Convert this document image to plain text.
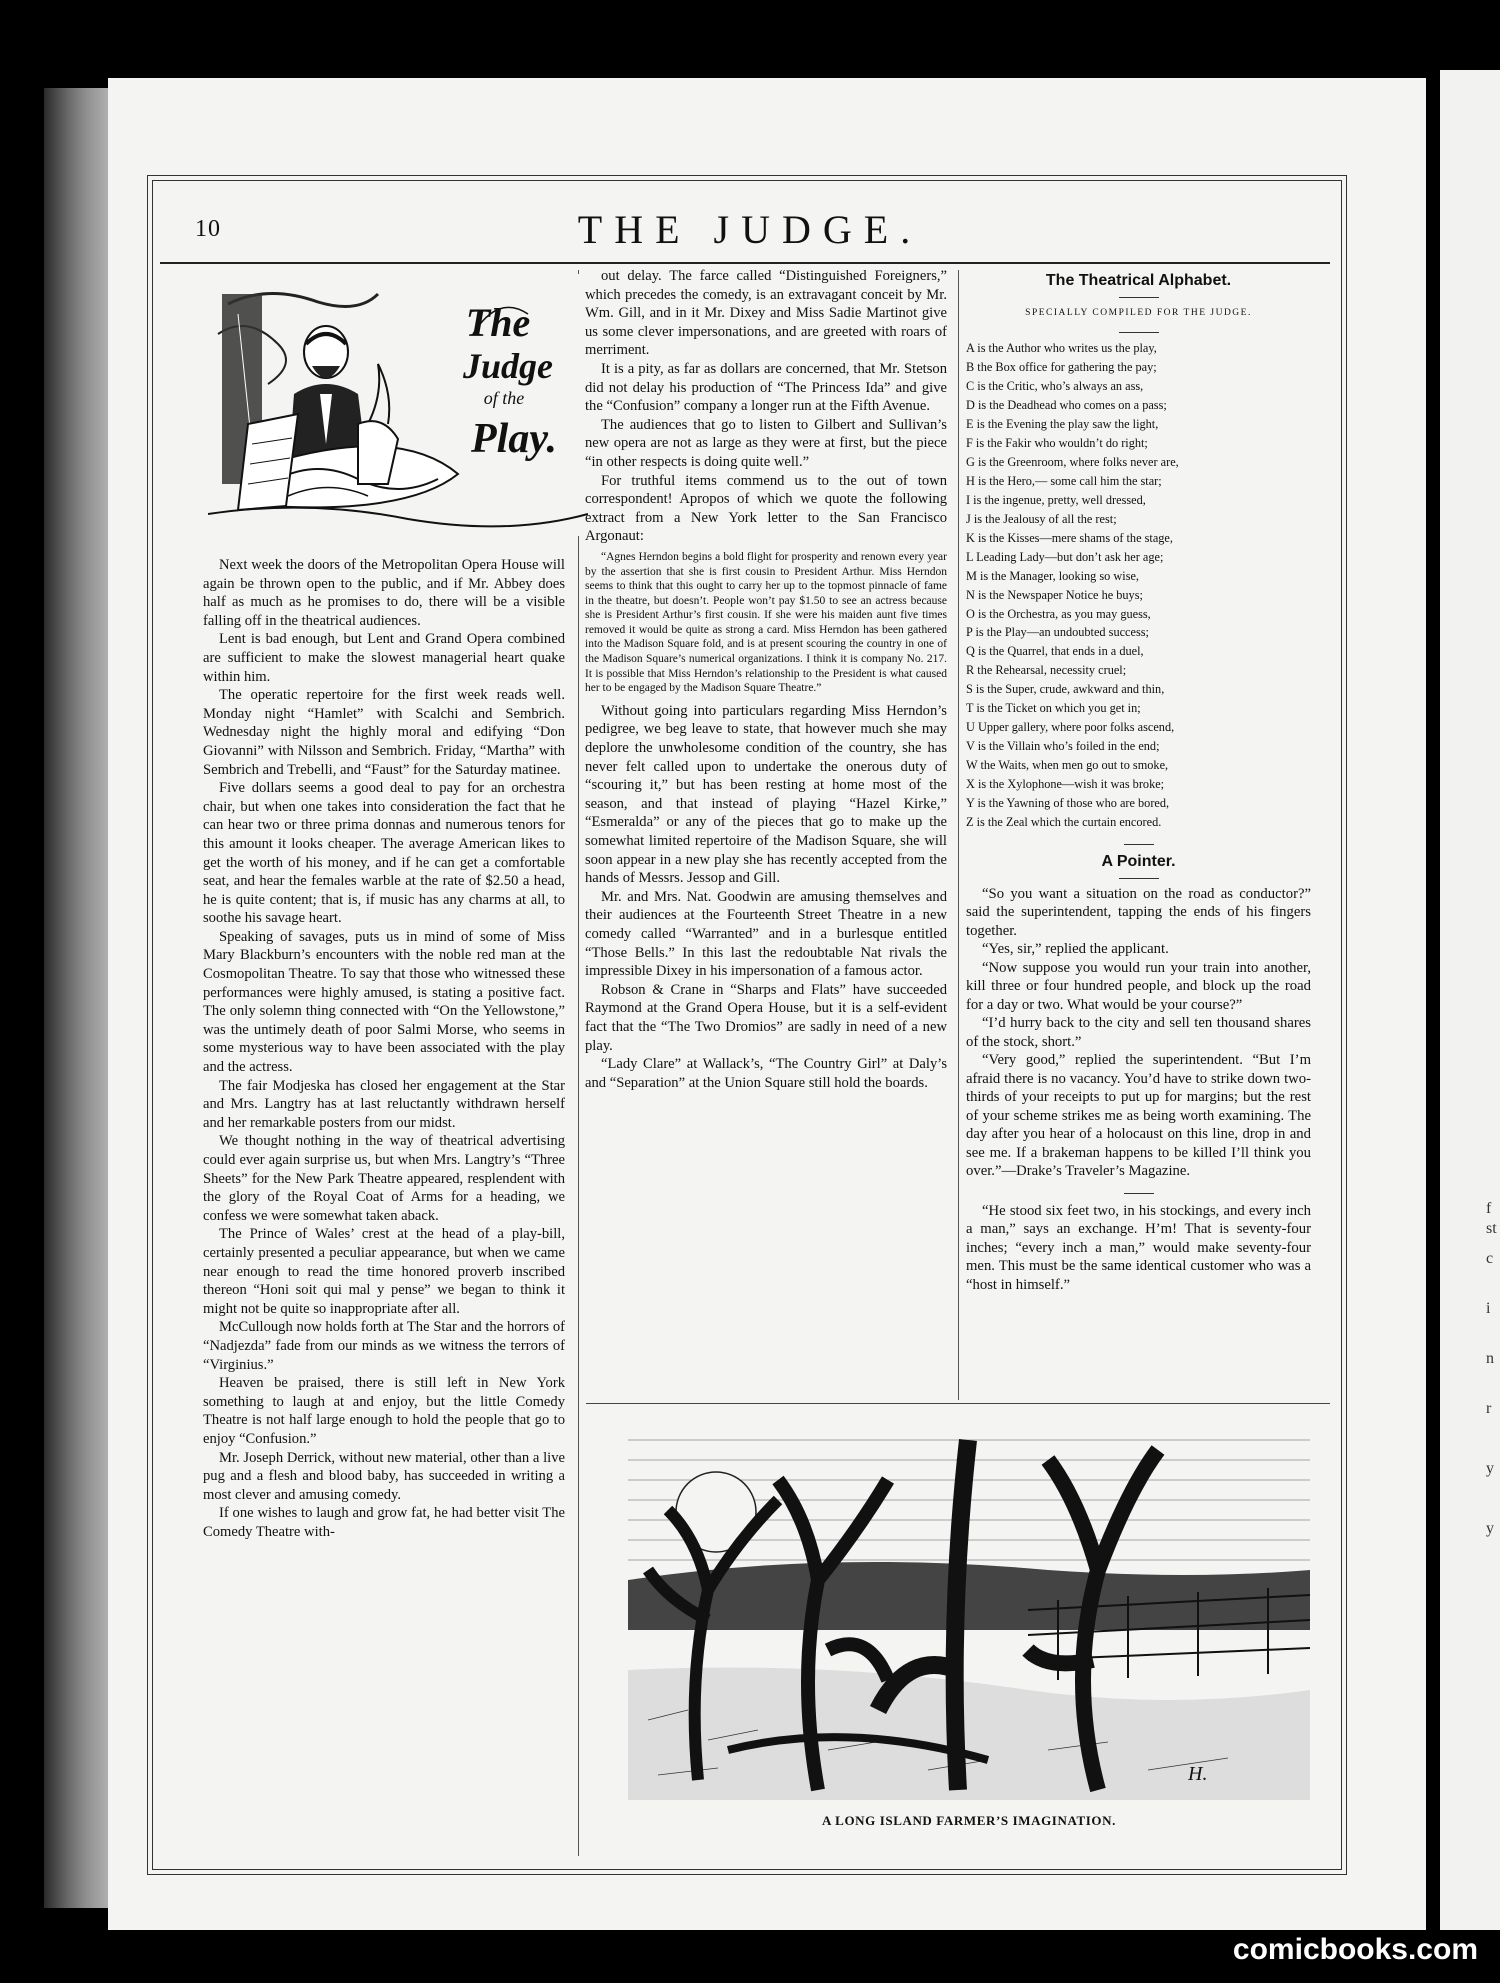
10	THE JUDGE.
The
Judge
of the
Play.

Next week the doors of the Metropolitan Opera House will again be thrown open to the public, and if Mr. Abbey does half as much as he promises to do, there will be a visible falling off in the theatrical audiences.

Lent is bad enough, but Lent and Grand Opera combined are sufficient to make the slowest managerial heart quake within him.

The operatic repertoire for the first week reads well. Monday night “Hamlet” with Scalchi and Sembrich. Wednesday night the highly moral and edifying “Don Giovanni” with Nilsson and Sembrich. Friday, “Martha” with Sembrich and Trebelli, and “Faust” for the Saturday matinee.

Five dollars seems a good deal to pay for an orchestra chair, but when one takes into consideration the fact that he can hear two or three prima donnas and numerous tenors for this amount it looks cheaper. The average American likes to get the worth of his money, and if he can get a comfortable seat, and hear the females warble at the rate of $2.50 a head, he is quite content; that is, if music has any charms at all, to soothe his savage heart.

Speaking of savages, puts us in mind of some of Miss Mary Blackburn’s encounters with the noble red man at the Cosmopolitan Theatre. To say that those who witnessed these performances were highly amused, is stating a positive fact. The only solemn thing connected with “On the Yellowstone,” was the untimely death of poor Salmi Morse, who seems in some mysterious way to have been associated with the play and the actress.

The fair Modjeska has closed her engagement at the Star and Mrs. Langtry has at last reluctantly withdrawn herself and her remarkable posters from our midst.

We thought nothing in the way of theatrical advertising could ever again surprise us, but when Mrs. Langtry’s “Three Sheets” for the New Park Theatre appeared, resplendent with the glory of the Royal Coat of Arms for a heading, we confess we were somewhat taken aback.

The Prince of Wales’ crest at the head of a play-bill, certainly presented a peculiar appearance, but when we came near enough to read the time honored proverb inscribed thereon “Honi soit qui mal y pense” we began to think it might not be quite so inappropriate after all.

McCullough now holds forth at The Star and the horrors of “Nadjezda” fade from our minds as we witness the terrors of “Virginius.”

Heaven be praised, there is still left in New York something to laugh at and enjoy, but the little Comedy Theatre is not half large enough to hold the people that go to enjoy “Confusion.”

Mr. Joseph Derrick, without new material, other than a live pug and a flesh and blood baby, has succeeded in writing a most clever and amusing comedy.

If one wishes to laugh and grow fat, he had better visit The Comedy Theatre with-

out delay. The farce called “Distinguished Foreigners,” which precedes the comedy, is an extravagant conceit by Mr. Wm. Gill, and in it Mr. Dixey and Miss Sadie Martinot give us some clever impersonations, and are greeted with roars of merriment.

It is a pity, as far as dollars are concerned, that Mr. Stetson did not delay his production of “The Princess Ida” and give the “Confusion” company a longer run at the Fifth Avenue.

The audiences that go to listen to Gilbert and Sullivan’s new opera are not as large as they were at first, but the piece “in other respects is doing quite well.”

For truthful items commend us to the out of town correspondent! Apropos of which we quote the following extract from a New York letter to the San Francisco Argonaut:

“Agnes Herndon begins a bold flight for prosperity and renown every year by the assertion that she is first cousin to President Arthur. Miss Herndon seems to think that this ought to carry her up to the topmost pinnacle of fame in the theatre, but doesn’t. People won’t pay $1.50 to see an actress because she is President Arthur’s first cousin. If she were his maiden aunt five times removed it would be quite as strong a card. Miss Herndon has been gathered into the Madison Square fold, and is at present scouring the country in one of the Madison Square’s numerical organizations. I think it is company No. 217. It is possible that Miss Herndon’s relationship to the President is what caused her to be engaged by the Madison Square Theatre.”

Without going into particulars regarding Miss Herndon’s pedigree, we beg leave to state, that however much she may deplore the unwholesome condition of the country, she has never felt called upon to undertake the onerous duty of “scouring it,” but has been resting at home most of the season, and that instead of playing “Hazel Kirke,” “Esmeralda” or any of the pieces that go to make up the somewhat limited repertoire of the Madison Square, she will soon appear in a new play she has recently accepted from the hands of Messrs. Jessop and Gill.

Mr. and Mrs. Nat. Goodwin are amusing themselves and their audiences at the Fourteenth Street Theatre in a new comedy called “Warranted” and in a burlesque entitled “Those Bells.” In this last the redoubtable Nat rivals the impressible Dixey in his impersonation of a famous actor.

Robson & Crane in “Sharps and Flats” have succeeded Raymond at the Grand Opera House, but it is a self-evident fact that the “The Two Dromios” are sadly in need of a new play.

“Lady Clare” at Wallack’s, “The Country Girl” at Daly’s and “Separation” at the Union Square still hold the boards.

The Theatrical Alphabet.
SPECIALLY COMPILED FOR THE JUDGE.
A is the Author who writes us the play,
B the Box office for gathering the pay;
C is the Critic, who’s always an ass,
D is the Deadhead who comes on a pass;
E is the Evening the play saw the light,
F is the Fakir who wouldn’t do right;
G is the Greenroom, where folks never are,
H is the Hero,— some call him the star;
I is the ingenue, pretty, well dressed,
J is the Jealousy of all the rest;
K is the Kisses—mere shams of the stage,
L Leading Lady—but don’t ask her age;
M is the Manager, looking so wise,
N is the Newspaper Notice he buys;
O is the Orchestra, as you may guess,
P is the Play—an undoubted success;
Q is the Quarrel, that ends in a duel,
R the Rehearsal, necessity cruel;
S is the Super, crude, awkward and thin,
T is the Ticket on which you get in;
U Upper gallery, where poor folks ascend,
V is the Villain who’s foiled in the end;
W the Waits, when men go out to smoke,
X is the Xylophone—wish it was broke;
Y is the Yawning of those who are bored,
Z is the Zeal which the curtain encored.
A Pointer.

“So you want a situation on the road as conductor?” said the superintendent, tapping the ends of his fingers together.

“Yes, sir,” replied the applicant.

“Now suppose you would run your train into another, kill three or four hundred people, and block up the road for a day or two. What would be your course?”

“I’d hurry back to the city and sell ten thousand shares of the stock, short.”

“Very good,” replied the superintendent. “But I’m afraid there is no vacancy. You’d have to strike down two-thirds of your receipts to put up for margins; but the rest of your scheme strikes me as being worth examining. The day after you hear of a holocaust on this line, drop in and see me. If a brakeman happens to be killed I’ll think you over.”—Drake’s Traveler’s Magazine.

“He stood six feet two, in his stockings, and every inch a man,” says an exchange. H’m! That is seventy-four inches; “every inch a man,” would make seventy-four men. This must be the same identical customer who was a “host in himself.”

H.
A LONG ISLAND FARMER’S IMAGINATION.
comicbooks.com
f
st
c
i
n
r
y
y
